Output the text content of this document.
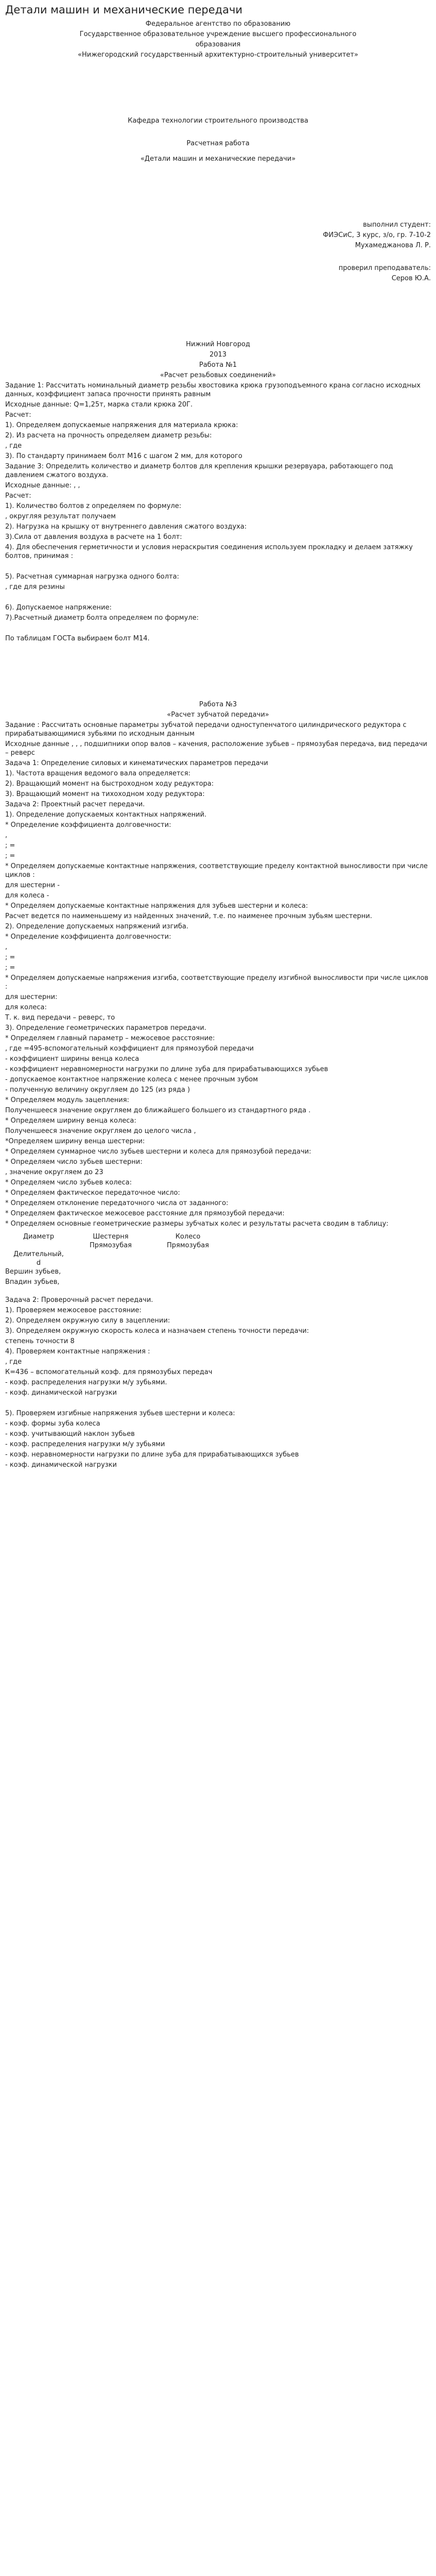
Детали машин и механические передачи
Федеральное агентство по образованию
Государственное образовательное учреждение высшего профессионального
образования
«Нижегородский государственный архитектурно-строительный университет»
Кафедра технологии строительного производства
Расчетная работа
«Детали машин и механические передачи»
выполнил студент:
ФИЭСиС, 3 курс, з/о, гр. 7-10-2
Мухамеджанова Л. Р.
проверил преподаватель:
Серов Ю.А.
Нижний Новгород
2013
Работа №1
«Расчет резьбовых соединений»
Задание 1: Рассчитать номинальный диаметр резьбы хвостовика крюка грузоподъемного крана согласно исходных данных, коэффициент запаса прочности принять равным
Исходные данные: Q=1,25т, марка стали крюка 20Г.
Расчет:
1). Определяем допускаемые напряжения для материала крюка:
2). Из расчета на прочность определяем диаметр резьбы:
, где
3). По стандарту принимаем болт М16 с шагом 2 мм, для которого
Задание 3: Определить количество и диаметр болтов для крепления крышки резервуара, работающего под давлением сжатого воздуха.
Исходные данные: , ,
Расчет:
1). Количество болтов z определяем по формуле:
, округляя результат получаем
2). Нагрузка на крышку от внутреннего давления сжатого воздуха:
3).Сила от давления воздуха в расчете на 1 болт:
4). Для обеспечения герметичности и условия нераскрытия соединения используем прокладку и делаем затяжку болтов, принимая :
5). Расчетная суммарная нагрузка одного болта:
, где для резины
6). Допускаемое напряжение:
7).Расчетный диаметр болта определяем по формуле:
По таблицам ГОСТа выбираем болт М14.
Работа №3
«Расчет зубчатой передачи»
Задание : Рассчитать основные параметры зубчатой передачи одноступенчатого цилиндрического редуктора с прирабатывающимися зубьями по исходным данным
Исходные данные , , , подшипники опор валов – качения, расположение зубьев – прямозубая передача, вид передачи – реверс
Задача 1: Определение силовых и кинематических параметров передачи
1). Частота вращения ведомого вала определяется:
2). Вращающий момент на быстроходном ходу редуктора:
3). Вращающий момент на тихоходном ходу редуктора:
Задача 2: Проектный расчет передачи.
1). Определение допускаемых контактных напряжений.
* Определение коэффициента долговечности:
,
; =
; =
* Определяем допускаемые контактные напряжения, соответствующие пределу контактной выносливости при числе циклов :
для шестерни -
для колеса -
* Определяем допускаемые контактные напряжения для зубьев шестерни и колеса:
Расчет ведется по наименьшему из найденных значений, т.е. по наименее прочным зубьям шестерни.
2). Определение допускаемых напряжений изгиба.
* Определение коэффициента долговечности:
,
; =
; =
* Определяем допускаемые напряжения изгиба, соответствующие пределу изгибной выносливости при числе циклов :
для шестерни:
для колеса:
Т. к. вид передачи – реверс, то
3). Определение геометрических параметров передачи.
* Определяем главный параметр – межосевое расстояние:
, где =495-вспомогательный коэффициент для прямозубой передачи
- коэффициент ширины венца колеса
- коэффициент неравномерности нагрузки по длине зуба для прирабатывающихся зубьев
- допускаемое контактное напряжение колеса с менее прочным зубом
- полученную величину округляем до 125 (из ряда )
* Определяем модуль зацепления:
Полученшееся значение округляем до ближайшего большего из стандартного ряда .
* Определяем ширину венца колеса:
Полученшееся значение округляем до целого числа ,
*Определяем ширину венца шестерни:
* Определяем суммарное число зубьев шестерни и колеса для прямозубой передачи:
* Определяем число зубьев шестерни:
, значение округляем до 23
* Определяем число зубьев колеса:
* Определяем фактическое передаточное число:
* Определяем отклонение передаточного числа от заданного:
* Определяем фактическое межосевое расстояние для прямозубой передачи:
* Определяем основные геометрические размеры зубчатых колес и результаты расчета сводим в таблицу:
Диаметр	Шестерня	Колесо
Прямозубая	Прямозубая
Делительный,
d
Вершин зубьев,
Впадин зубьев,
Задача 2: Проверочный расчет передачи.
1). Проверяем межосевое расстояние:
2). Определяем окружную силу в зацеплении:
3). Определяем окружную скорость колеса и назначаем степень точности передачи:
степень точности 8
4). Проверяем контактные напряжения :
, где
К=436 – вспомогательный коэф. для прямозубых передач
- коэф. распределения нагрузки м/у зубьями.
- коэф. динамической нагрузки
5). Проверяем изгибные напряжения зубьев шестерни и колеса:
- коэф. формы зуба колеса
- коэф. учитывающий наклон зубьев
- коэф. распределения нагрузки м/у зубьями
- коэф. неравномерности нагрузки по длине зуба для прирабатывающихся зубьев
- коэф. динамической нагрузки
